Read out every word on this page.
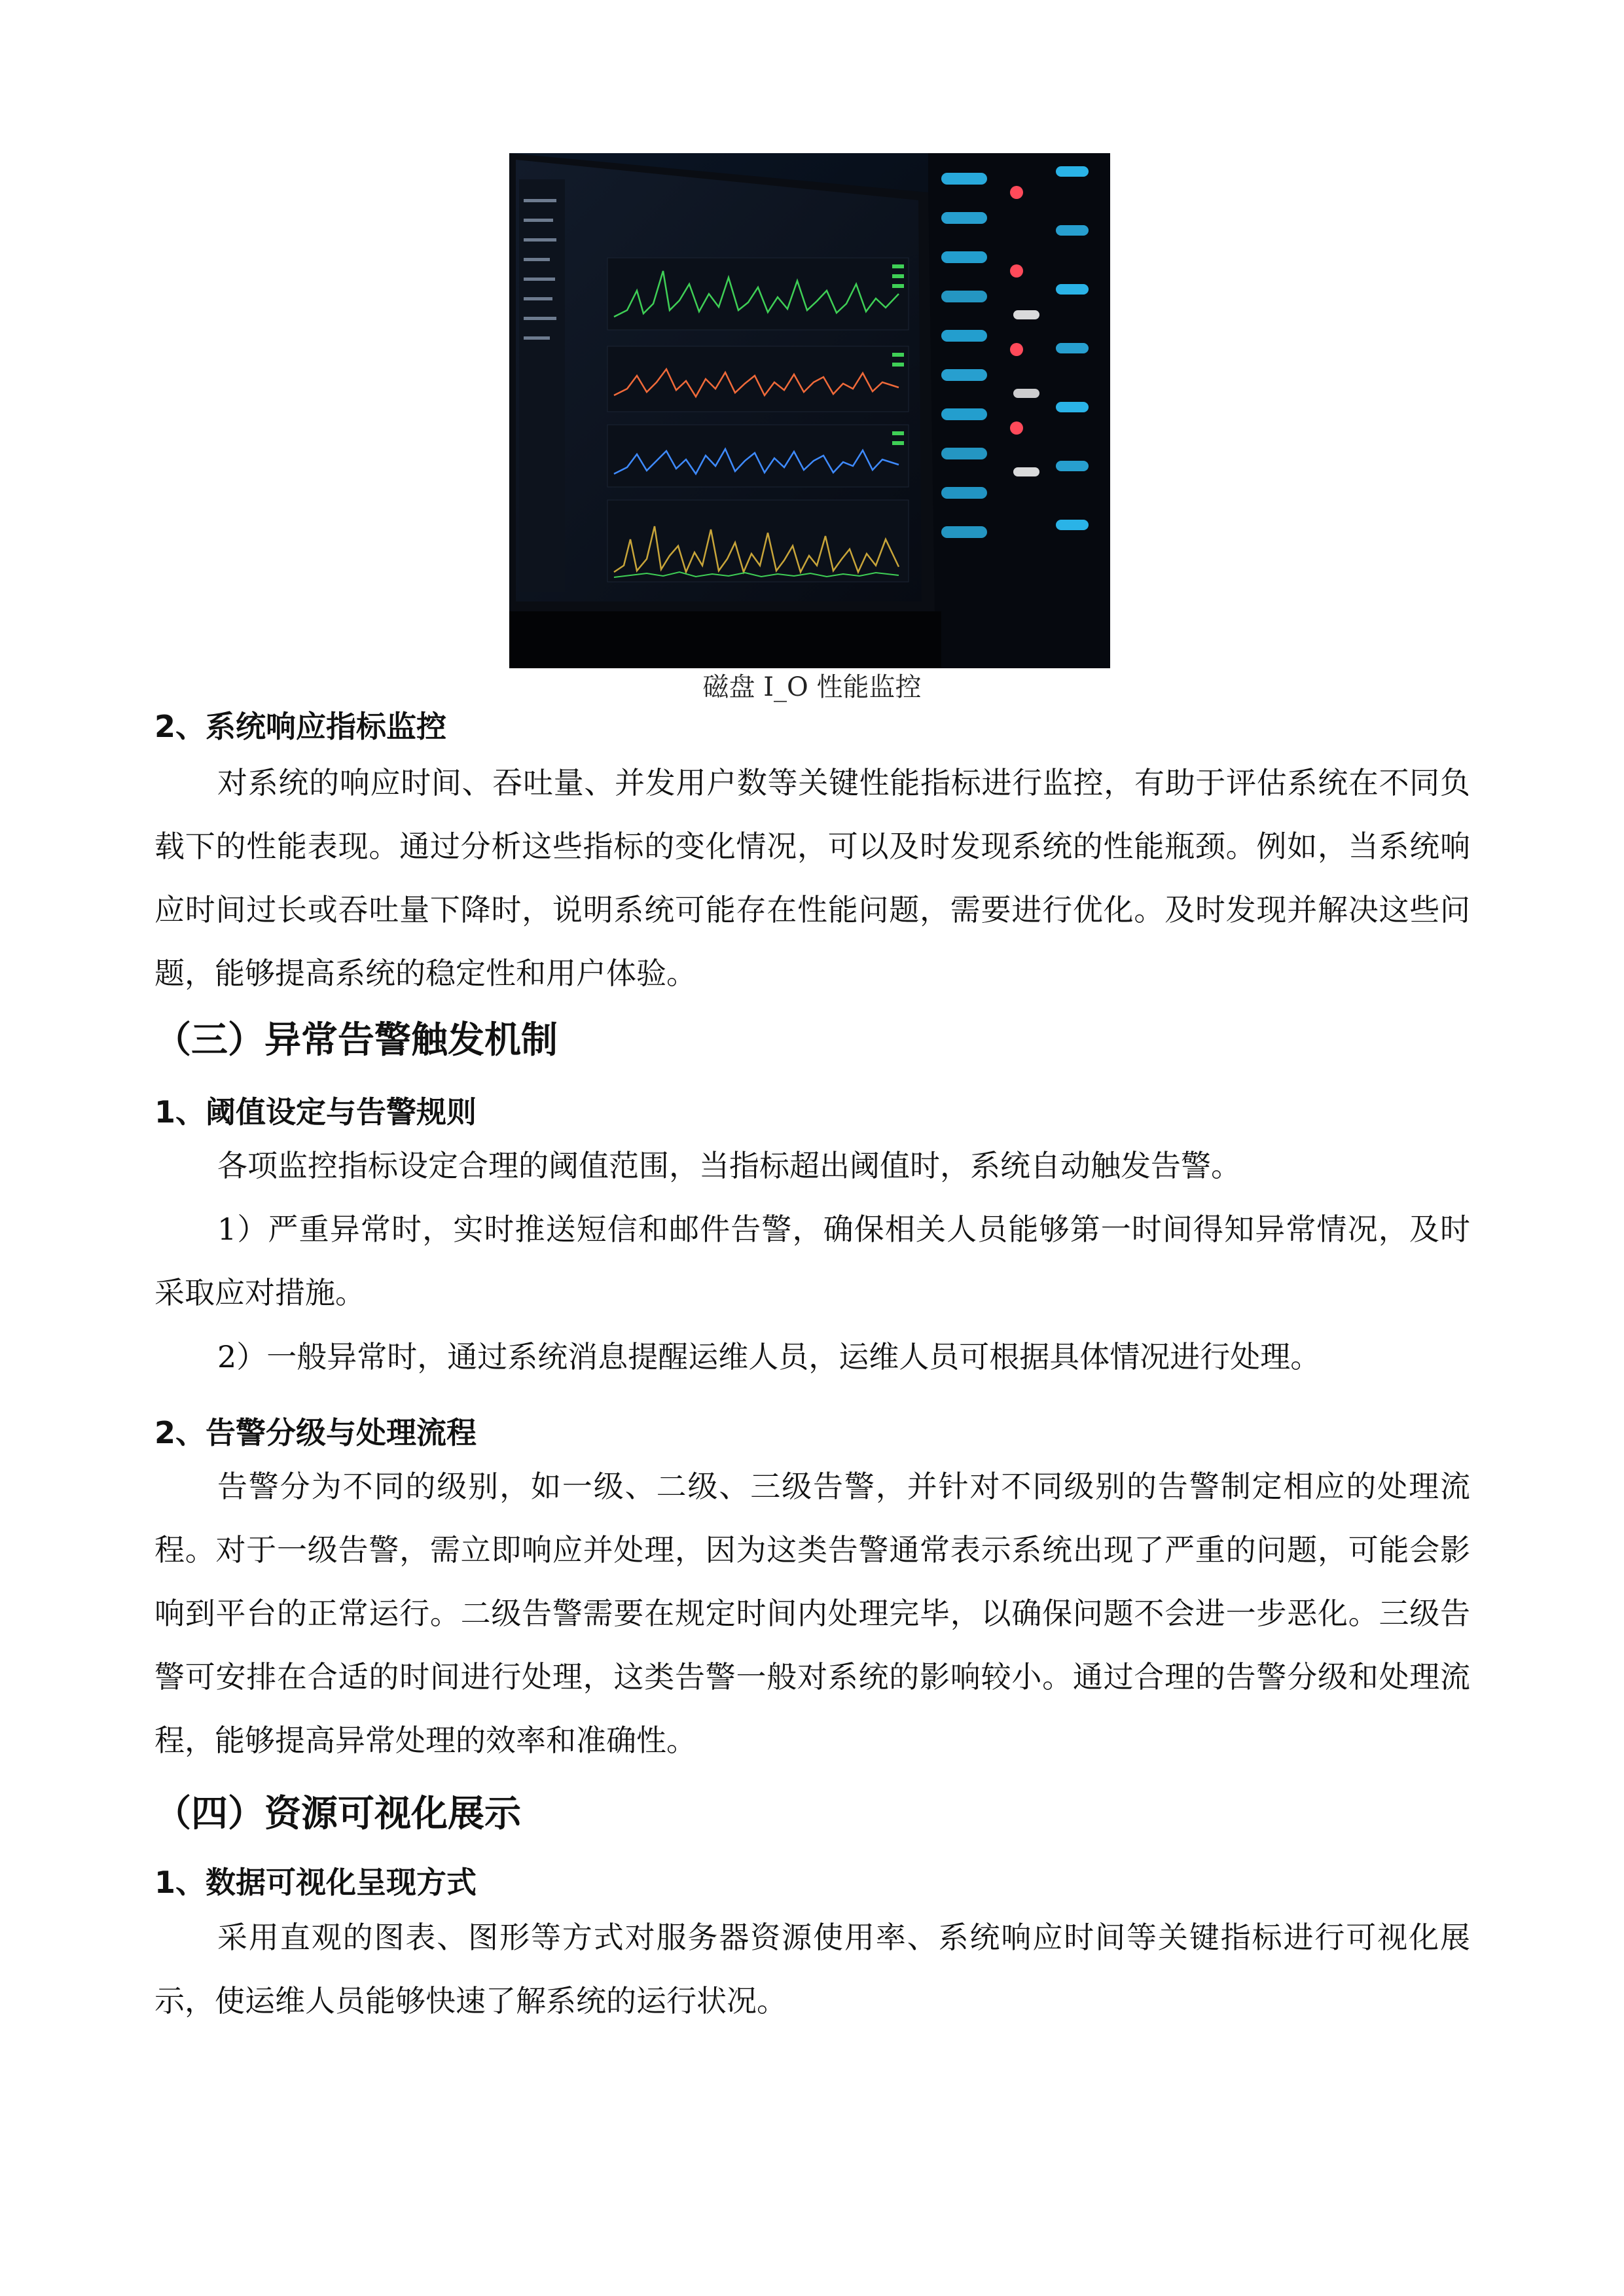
磁盘 I_O 性能监控
2、系统响应指标监控

对系统的响应时间、吞吐量、并发用户数等关键性能指标进行监控，有助于评估系统在不同负载下的性能表现。通过分析这些指标的变化情况，可以及时发现系统的性能瓶颈。例如，当系统响应时间过长或吞吐量下降时，说明系统可能存在性能问题，需要进行优化。及时发现并解决这些问题，能够提高系统的稳定性和用户体验。

（三）异常告警触发机制
1、阈值设定与告警规则

各项监控指标设定合理的阈值范围，当指标超出阈值时，系统自动触发告警。

1）严重异常时，实时推送短信和邮件告警，确保相关人员能够第一时间得知异常情况，及时采取应对措施。

2）一般异常时，通过系统消息提醒运维人员，运维人员可根据具体情况进行处理。

2、告警分级与处理流程

告警分为不同的级别，如一级、二级、三级告警，并针对不同级别的告警制定相应的处理流程。对于一级告警，需立即响应并处理，因为这类告警通常表示系统出现了严重的问题，可能会影响到平台的正常运行。二级告警需要在规定时间内处理完毕，以确保问题不会进一步恶化。三级告警可安排在合适的时间进行处理，这类告警一般对系统的影响较小。通过合理的告警分级和处理流程，能够提高异常处理的效率和准确性。

（四）资源可视化展示
1、数据可视化呈现方式

采用直观的图表、图形等方式对服务器资源使用率、系统响应时间等关键指标进行可视化展示，使运维人员能够快速了解系统的运行状况。
